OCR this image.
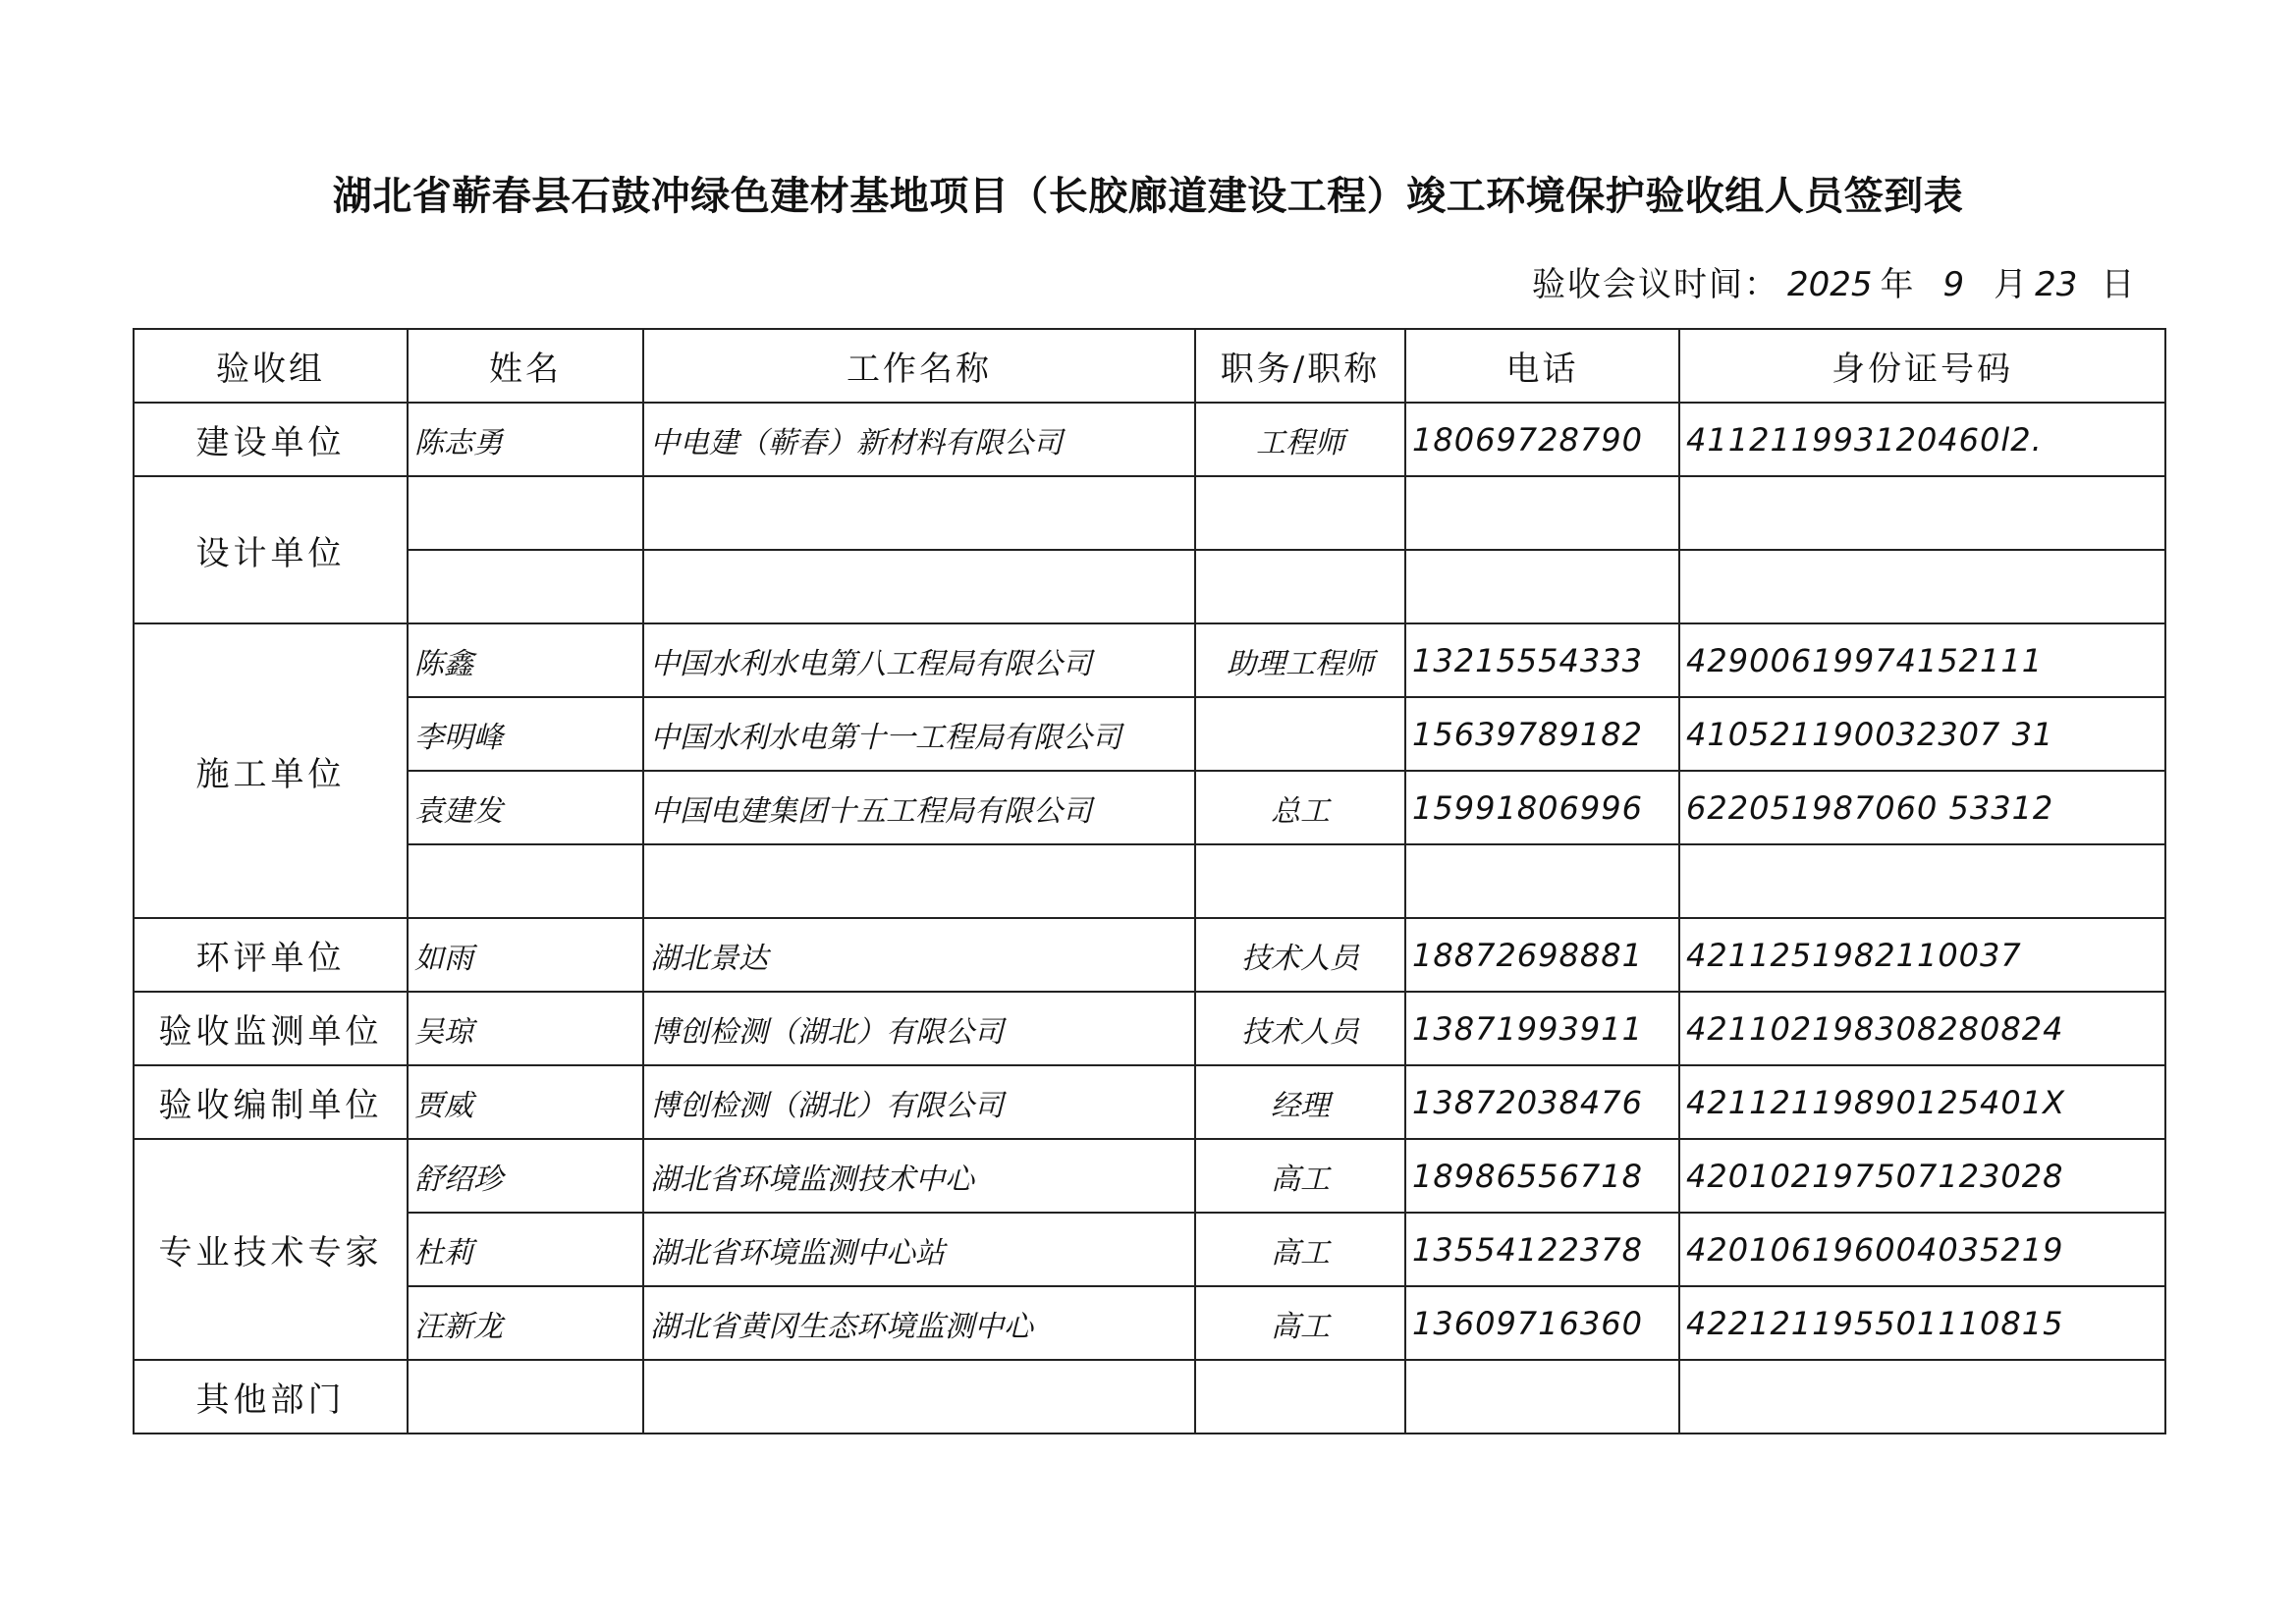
湖北省蕲春县石鼓冲绿色建材基地项目（长胶廊道建设工程）竣工环境保护验收组人员签到表
验收会议时间： 2025 年 9 月 23 日
验收组	姓名	工作名称	职务/职称	电话	身份证号码
建设单位	陈志勇	中电建（蕲春）新材料有限公司	工程师	18069728790	411211993120460l2.
设计单位					

施工单位	陈鑫	中国水利水电第八工程局有限公司	助理工程师	13215554333	42900619974152111
	李明峰	中国水利水电第十一工程局有限公司		15639789182	410521190032307 31
	袁建发	中国电建集团十五工程局有限公司	总工	15991806996	622051987060 53312

环评单位	如雨	湖北景达	技术人员	18872698881	4211251982110037
验收监测单位	吴琼	博创检测（湖北）有限公司	技术人员	13871993911	421102198308280824
验收编制单位	贾威	博创检测（湖北）有限公司	经理	13872038476	42112119890125401X
专业技术专家	舒绍珍	湖北省环境监测技术中心	高工	18986556718	420102197507123028
	杜莉	湖北省环境监测中心站	高工	13554122378	420106196004035219
	汪新龙	湖北省黄冈生态环境监测中心	高工	13609716360	422121195501110815
其他部门					
